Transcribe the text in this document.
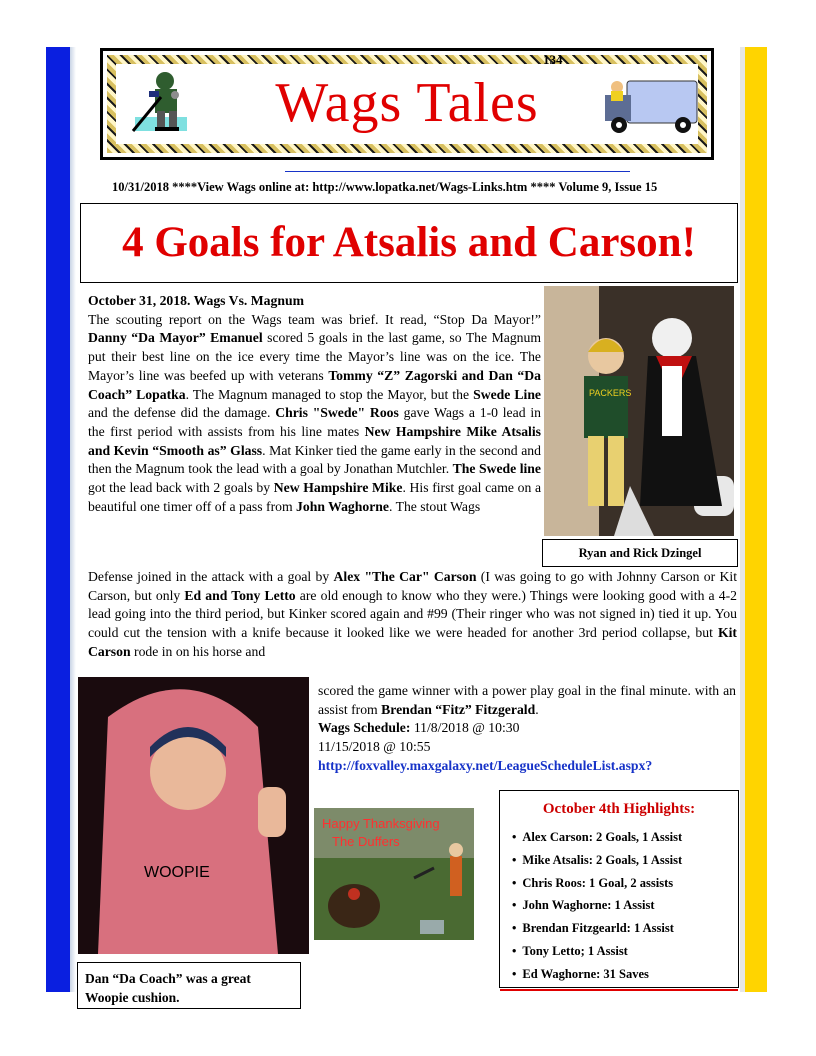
Wags Tales
134
10/31/2018 ****View Wags online at: http://www.lopatka.net/Wags-Links.htm **** Volume 9, Issue 15
4 Goals for Atsalis and Carson!
PACKERS
Ryan and Rick Dzingel
October 31, 2018. Wags Vs. Magnum
The scouting report on the Wags team was brief. It read, “Stop Da Mayor!” Danny “Da Mayor” Emanuel scored 5 goals in the last game, so The Magnum put their best line on the ice every time the Mayor’s line was on the ice. The Mayor’s line was beefed up with veterans Tommy “Z” Zagorski and Dan “Da Coach” Lopatka. The Magnum managed to stop the Mayor, but the Swede Line and the defense did the damage. Chris "Swede" Roos gave Wags a 1-0 lead in the first period with assists from his line mates New Hampshire Mike Atsalis and Kevin “Smooth as” Glass. Mat Kinker tied the game early in the second and then the Magnum took the lead with a goal by Jonathan Mutchler. The Swede line got the lead back with 2 goals by New Hampshire Mike. His first goal came on a beautiful one timer off of a pass from John Waghorne. The stout Wags
Defense joined in the attack with a goal by Alex "The Car" Carson (I was going to go with Johnny Carson or Kit Carson, but only Ed and Tony Letto are old enough to know who they were.) Things were looking good with a 4-2 lead going into the third period, but Kinker scored again and #99 (Their ringer who was not signed in) tied it up. You could cut the tension with a knife because it looked like we were headed for another 3rd period collapse, but Kit Carson rode in on his horse and
WOOPIE
Dan “Da Coach” was a great Woopie cushion.
scored the game winner with a power play goal in the final minute. with an assist from Brendan “Fitz” Fitzgerald.
Wags Schedule: 11/8/2018 @ 10:30
11/15/2018 @ 10:55
http://foxvalley.maxgalaxy.net/LeagueScheduleList.aspx?
Happy Thanksgiving
The Duffers
October 4th Highlights:
• Alex Carson: 2 Goals, 1 Assist
• Mike Atsalis: 2 Goals, 1 Assist
• Chris Roos: 1 Goal, 2 assists
• John Waghorne: 1 Assist
• Brendan Fitzgearld: 1 Assist
• Tony Letto; 1 Assist
• Ed Waghorne: 31 Saves
